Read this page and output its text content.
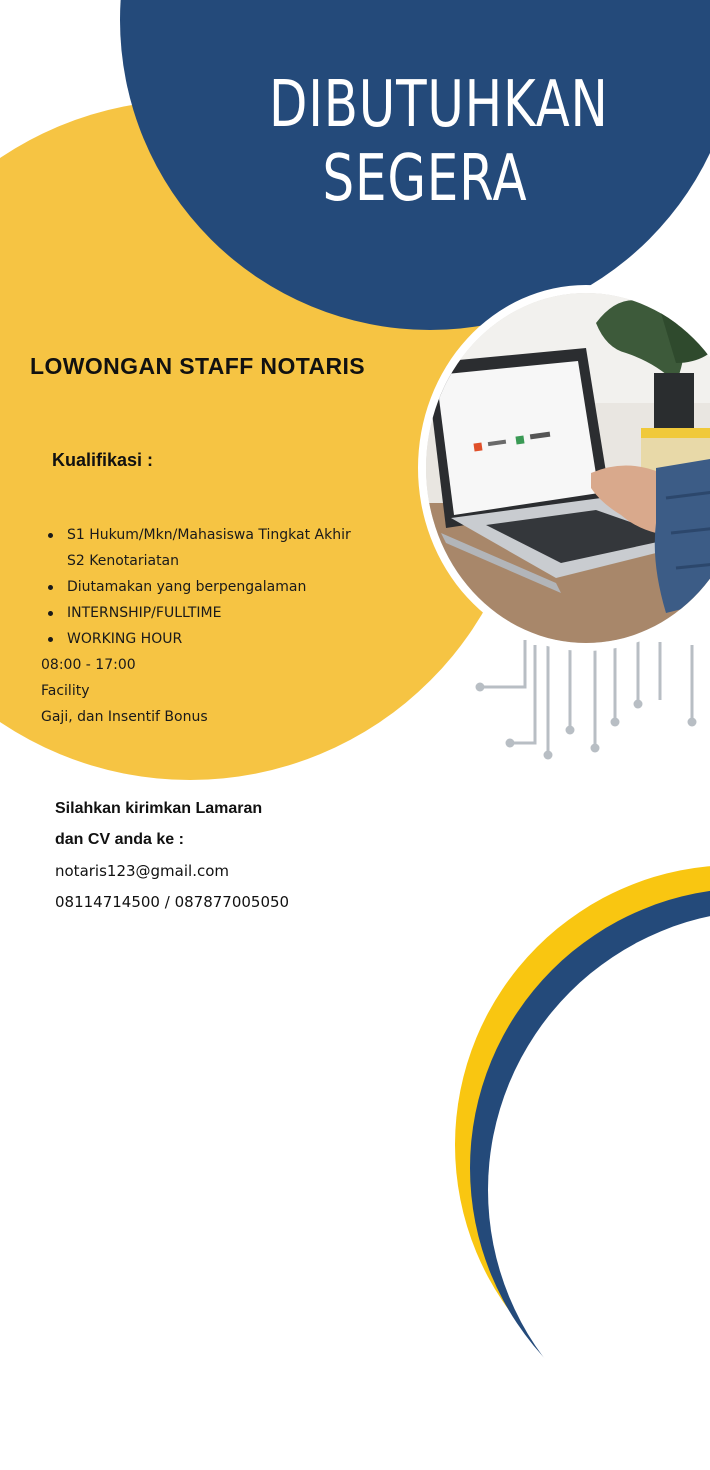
DIBUTUHKAN
SEGERA
LOWONGAN STAFF NOTARIS
Kualifikasi :
S1 Hukum/Mkn/Mahasiswa Tingkat Akhir S2 Kenotariatan
Diutamakan yang berpengalaman
INTERNSHIP/FULLTIME
WORKING HOUR
08:00 - 17:00
Facility
Gaji, dan Insentif Bonus
Silahkan kirimkan Lamaran
dan CV anda ke :
notaris123@gmail.com
08114714500 / 087877005050
